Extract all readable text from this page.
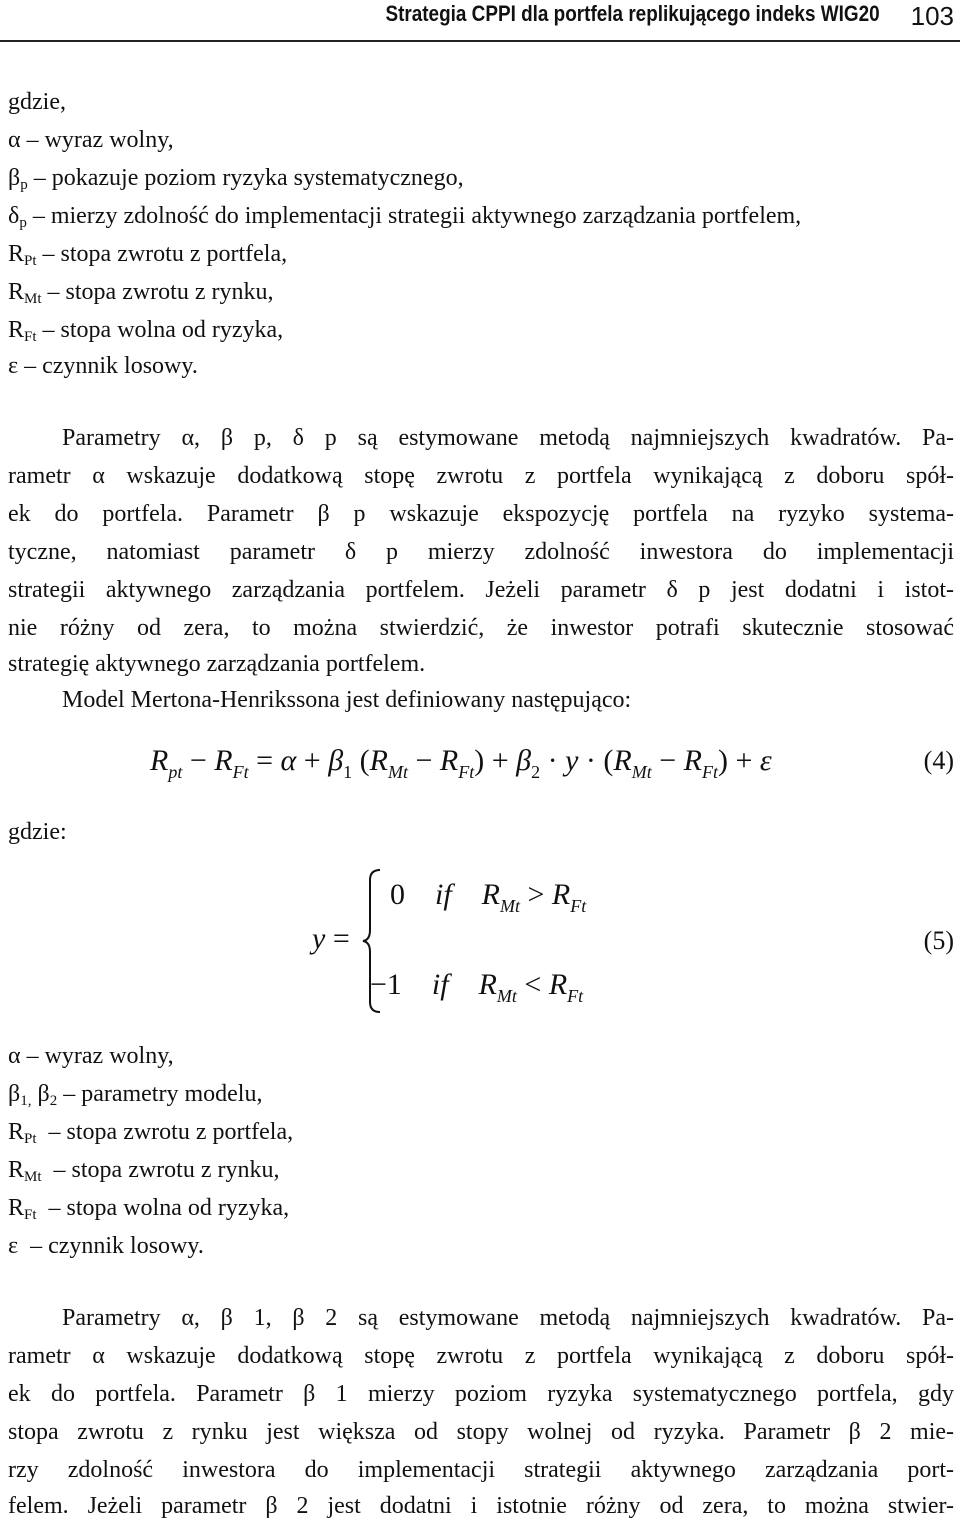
Strategia CPPI dla portfela replikującego indeks WIG20 103
gdzie,
α – wyraz wolny,
$\beta_p$ – pokazuje poziom ryzyka systematycznego,
$\delta_p$ – mierzy zdolność do implementacji strategii aktywnego zarządzania portfelem,
$R_{Pt}$ – stopa zwrotu z portfela,
$R_{Mt}$ – stopa zwrotu z rynku,
$R_{Ft}$ – stopa wolna od ryzyka,
ε – czynnik losowy.
Parametry α, β p, δ p są estymowane metodą najmniejszych kwadratów. Pa-
rametr α wskazuje dodatkową stopę zwrotu z portfela wynikającą z doboru spół-
ek do portfela. Parametr β p wskazuje ekspozycję portfela na ryzyko systema-
tyczne, natomiast parametr δ p mierzy zdolność inwestora do implementacji
strategii aktywnego zarządzania portfelem. Jeżeli parametr δ p jest dodatni i istot-
nie różny od zera, to można stwierdzić, że inwestor potrafi skutecznie stosować
strategię aktywnego zarządzania portfelem.
Model Mertona-Henrikssona jest definiowany następująco:
$R_{pt} - R_{Ft} = \alpha + \beta_1$ $(R_{Mt} - R_{Ft}) + \beta_2 \cdot y \cdot (R_{Mt} - R_{Ft}) + \varepsilon$	(4)
gdzie:
y =
0 if $R_{Mt} > R_{Ft}$
−1 if $R_{Mt} < R_{Ft}$
(5)
α – wyraz wolny,
$\beta_{1,}$ $\beta_2$ – parametry modelu,
$R_{Pt}$  – stopa zwrotu z portfela,
$R_{Mt}$  – stopa zwrotu z rynku,
$R_{Ft}$  – stopa wolna od ryzyka,
ε  – czynnik losowy.
Parametry α, β 1, β 2 są estymowane metodą najmniejszych kwadratów. Pa-
rametr α wskazuje dodatkową stopę zwrotu z portfela wynikającą z doboru spół-
ek do portfela. Parametr β 1 mierzy poziom ryzyka systematycznego portfela, gdy
stopa zwrotu z rynku jest większa od stopy wolnej od ryzyka. Parametr β 2 mie-
rzy zdolność inwestora do implementacji strategii aktywnego zarządzania port-
felem. Jeżeli parametr β 2 jest dodatni i istotnie różny od zera, to można stwier-
